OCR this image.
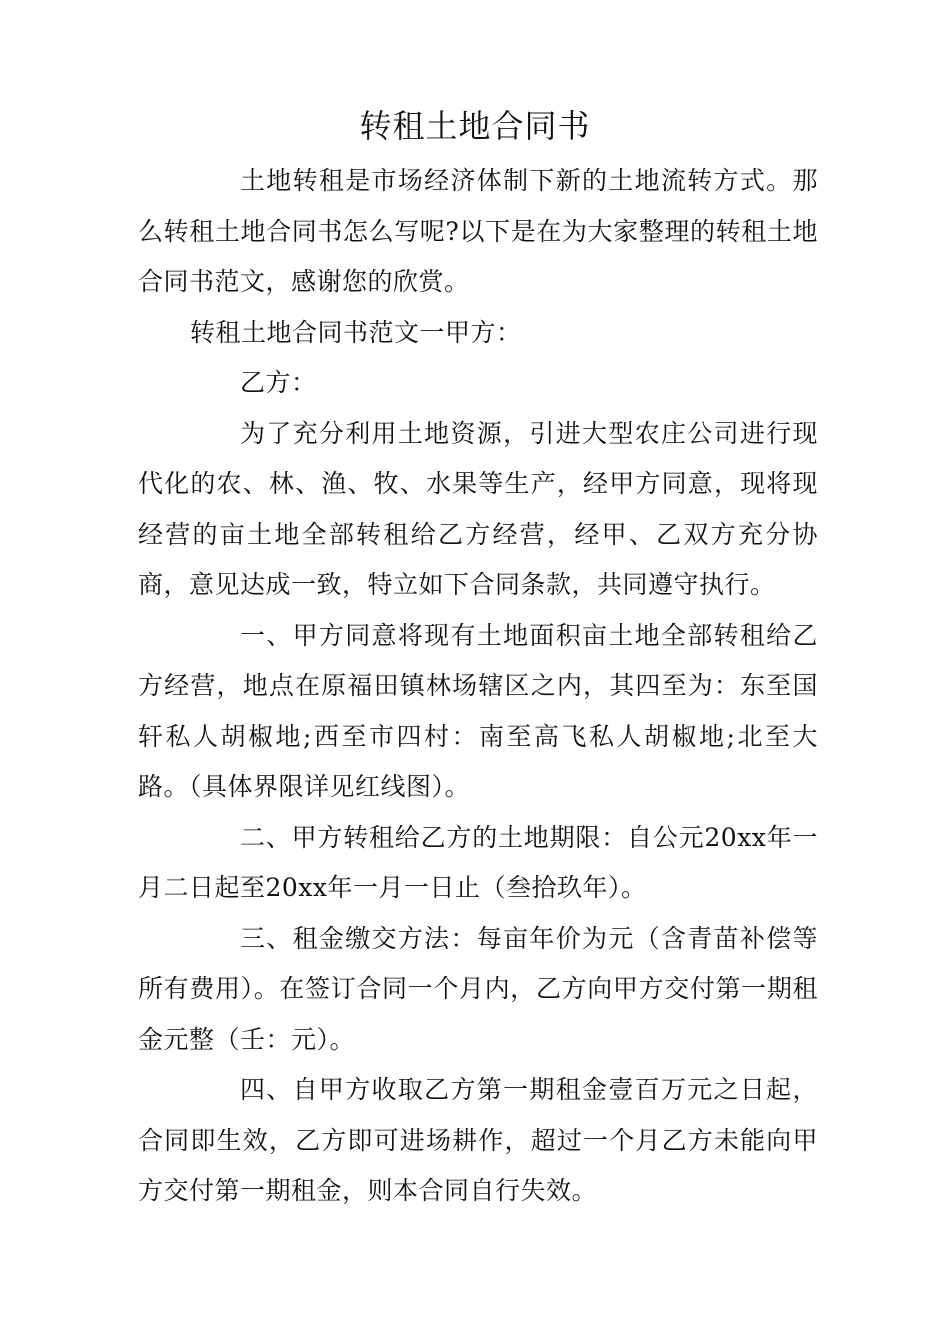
转租土地合同书

土地转租是市场经济体制下新的土地流转方式。那么转租土地合同书怎么写呢?以下是在为大家整理的转租土地合同书范文，感谢您的欣赏。

转租土地合同书范文一甲方：

乙方：

为了充分利用土地资源，引进大型农庄公司进行现代化的农、林、渔、牧、水果等生产，经甲方同意，现将现经营的亩土地全部转租给乙方经营，经甲、乙双方充分协商，意见达成一致，特立如下合同条款，共同遵守执行。

一、甲方同意将现有土地面积亩土地全部转租给乙方经营，地点在原福田镇林场辖区之内，其四至为：东至国轩私人胡椒地;西至市四村：南至高飞私人胡椒地;北至大路。（具体界限详见红线图）。

二、甲方转租给乙方的土地期限：自公元20xx年一月二日起至20xx年一月一日止（叁拾玖年）。

三、租金缴交方法：每亩年价为元（含青苗补偿等所有费用）。在签订合同一个月内，乙方向甲方交付第一期租金元整（壬：元）。

四、自甲方收取乙方第一期租金壹百万元之日起，合同即生效，乙方即可进场耕作，超过一个月乙方未能向甲方交付第一期租金，则本合同自行失效。
